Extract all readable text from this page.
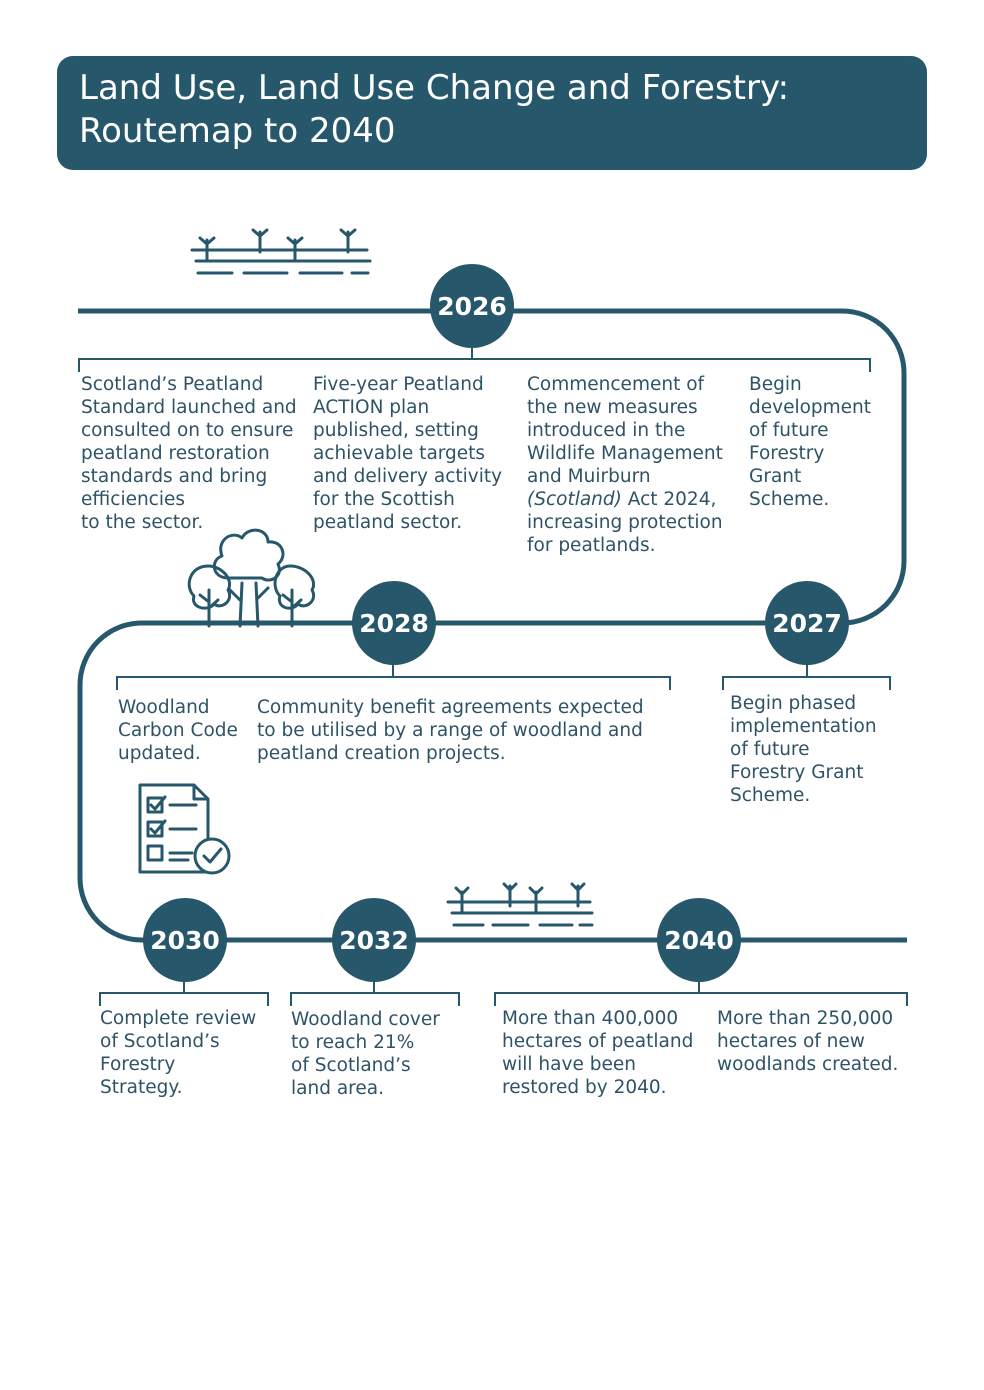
Land Use, Land Use Change and Forestry:
Routemap to 2040
2026
2027
2028
2030	2032	2040
Scotland’s Peatland
Standard launched and
consulted on to ensure
peatland restoration
standards and bring
efficiencies
to the sector.
Five-year Peatland
ACTION plan
published, setting
achievable targets
and delivery activity
for the Scottish
peatland sector.
Commencement of
the new measures
introduced in the
Wildlife Management
and Muirburn
(Scotland) Act 2024,
increasing protection
for peatlands.
Begin
development
of future
Forestry
Grant
Scheme.
Begin phased
implementation
of future
Forestry Grant
Scheme.
Woodland
Carbon Code
updated.
Community benefit agreements expected
to be utilised by a range of woodland and
peatland creation projects.
Complete review
of Scotland’s
Forestry
Strategy.
Woodland cover
to reach 21%
of Scotland’s
land area.
More than 400,000
hectares of peatland
will have been
restored by 2040.
More than 250,000
hectares of new
woodlands created.
